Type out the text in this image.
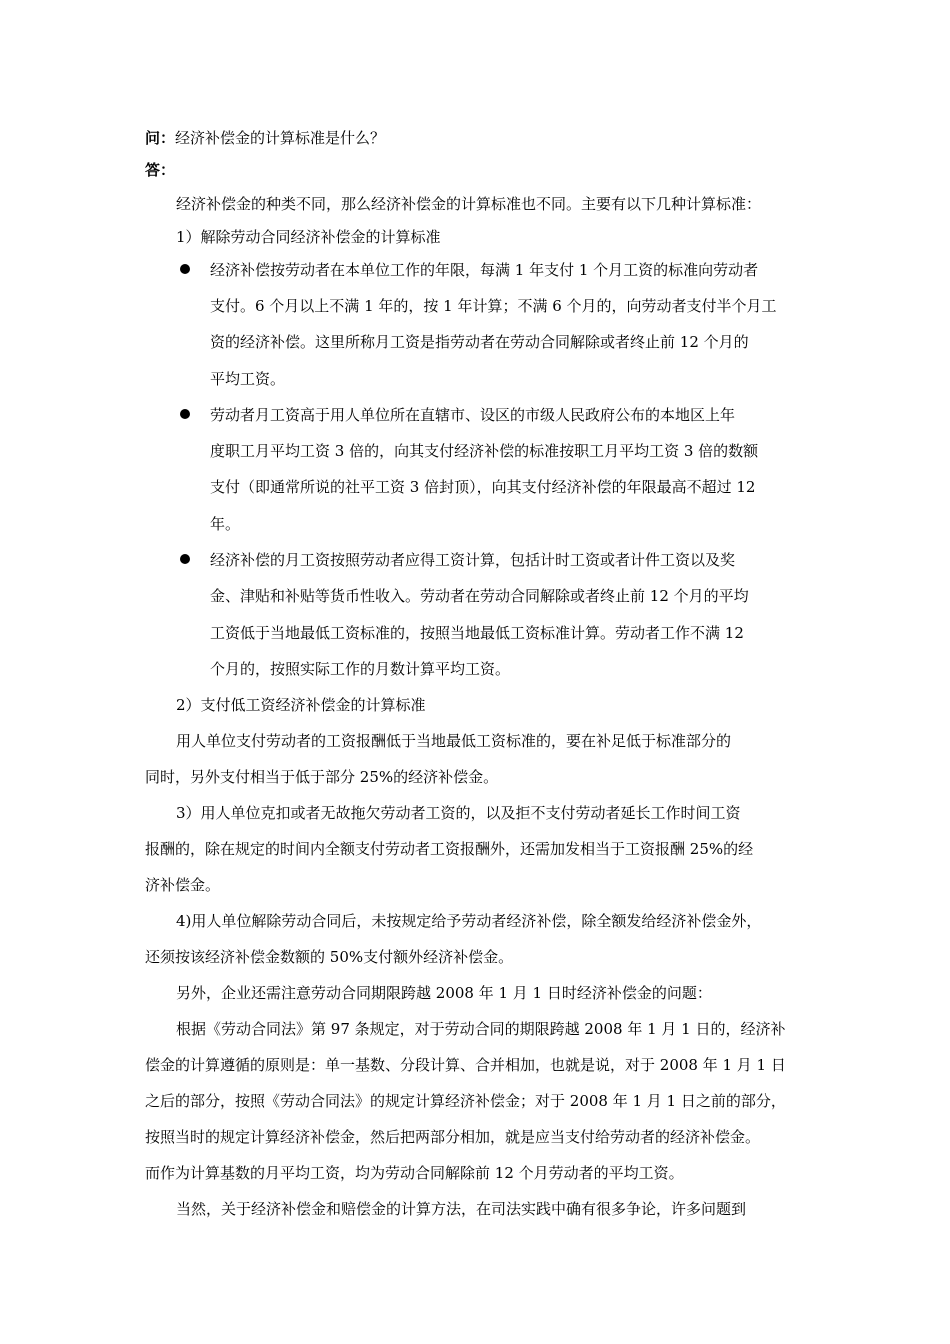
问：经济补偿金的计算标准是什么？
答：
经济补偿金的种类不同，那么经济补偿金的计算标准也不同。主要有以下几种计算标准：
1）解除劳动合同经济补偿金的计算标准
经济补偿按劳动者在本单位工作的年限，每满 1 年支付 1 个月工资的标准向劳动者
支付。6 个月以上不满 1 年的，按 1 年计算；不满 6 个月的，向劳动者支付半个月工
资的经济补偿。这里所称月工资是指劳动者在劳动合同解除或者终止前 12 个月的
平均工资。
劳动者月工资高于用人单位所在直辖市、设区的市级人民政府公布的本地区上年
度职工月平均工资 3 倍的，向其支付经济补偿的标准按职工月平均工资 3 倍的数额
支付（即通常所说的社平工资 3 倍封顶），向其支付经济补偿的年限最高不超过 12
年。
经济补偿的月工资按照劳动者应得工资计算，包括计时工资或者计件工资以及奖
金、津贴和补贴等货币性收入。劳动者在劳动合同解除或者终止前 12 个月的平均
工资低于当地最低工资标准的，按照当地最低工资标准计算。劳动者工作不满 12
个月的，按照实际工作的月数计算平均工资。
2）支付低工资经济补偿金的计算标准
用人单位支付劳动者的工资报酬低于当地最低工资标准的，要在补足低于标准部分的
同时，另外支付相当于低于部分 25%的经济补偿金。
3）用人单位克扣或者无故拖欠劳动者工资的，以及拒不支付劳动者延长工作时间工资
报酬的，除在规定的时间内全额支付劳动者工资报酬外，还需加发相当于工资报酬 25%的经
济补偿金。
4)用人单位解除劳动合同后，未按规定给予劳动者经济补偿，除全额发给经济补偿金外，
还须按该经济补偿金数额的 50%支付额外经济补偿金。
另外，企业还需注意劳动合同期限跨越 2008 年 1 月 1 日时经济补偿金的问题：
根据《劳动合同法》第 97 条规定，对于劳动合同的期限跨越 2008 年 1 月 1 日的，经济补
偿金的计算遵循的原则是：单一基数、分段计算、合并相加，也就是说，对于 2008 年 1 月 1 日
之后的部分，按照《劳动合同法》的规定计算经济补偿金；对于 2008 年 1 月 1 日之前的部分，
按照当时的规定计算经济补偿金，然后把两部分相加，就是应当支付给劳动者的经济补偿金。
而作为计算基数的月平均工资，均为劳动合同解除前 12 个月劳动者的平均工资。
当然，关于经济补偿金和赔偿金的计算方法，在司法实践中确有很多争论，许多问题到
